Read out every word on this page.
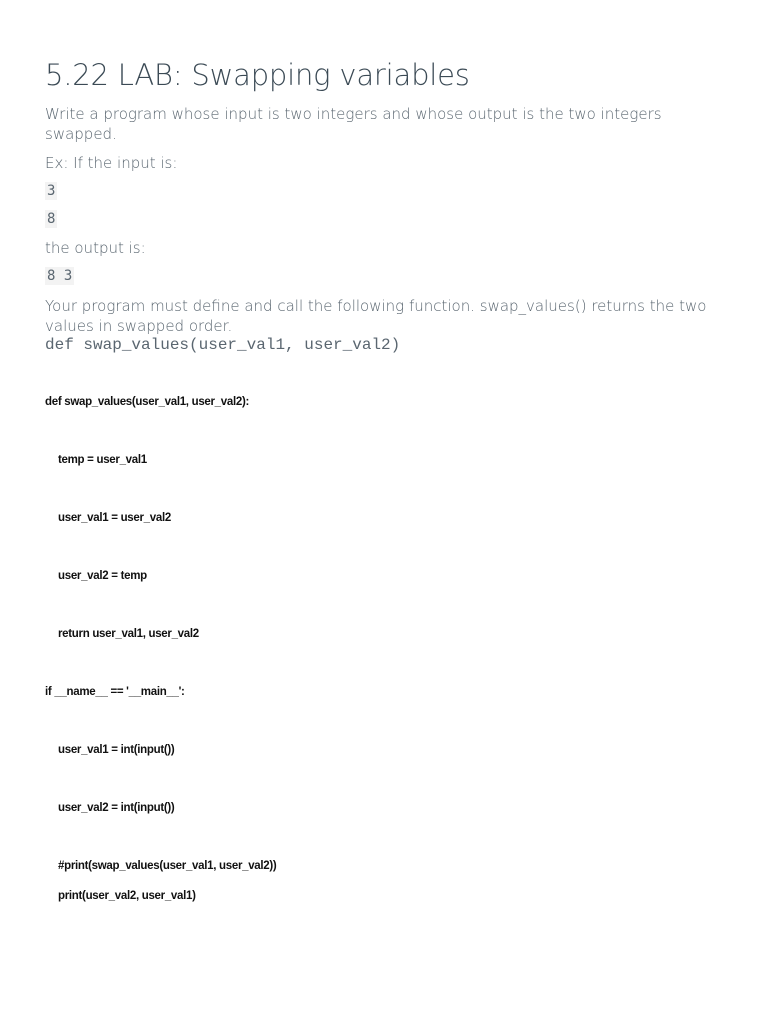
5.22 LAB: Swapping variables
Write a program whose input is two integers and whose output is the two integers swapped.
Ex: If the input is:
3
8
the output is:
8 3
Your program must define and call the following function. swap_values() returns the two values in swapped order.
def swap_values(user_val1, user_val2)
def swap_values(user_val1, user_val2):
temp = user_val1
user_val1 = user_val2
user_val2 = temp
return user_val1, user_val2
if __name__ == '__main__':
user_val1 = int(input())
user_val2 = int(input())
#print(swap_values(user_val1, user_val2))
print(user_val2, user_val1)
